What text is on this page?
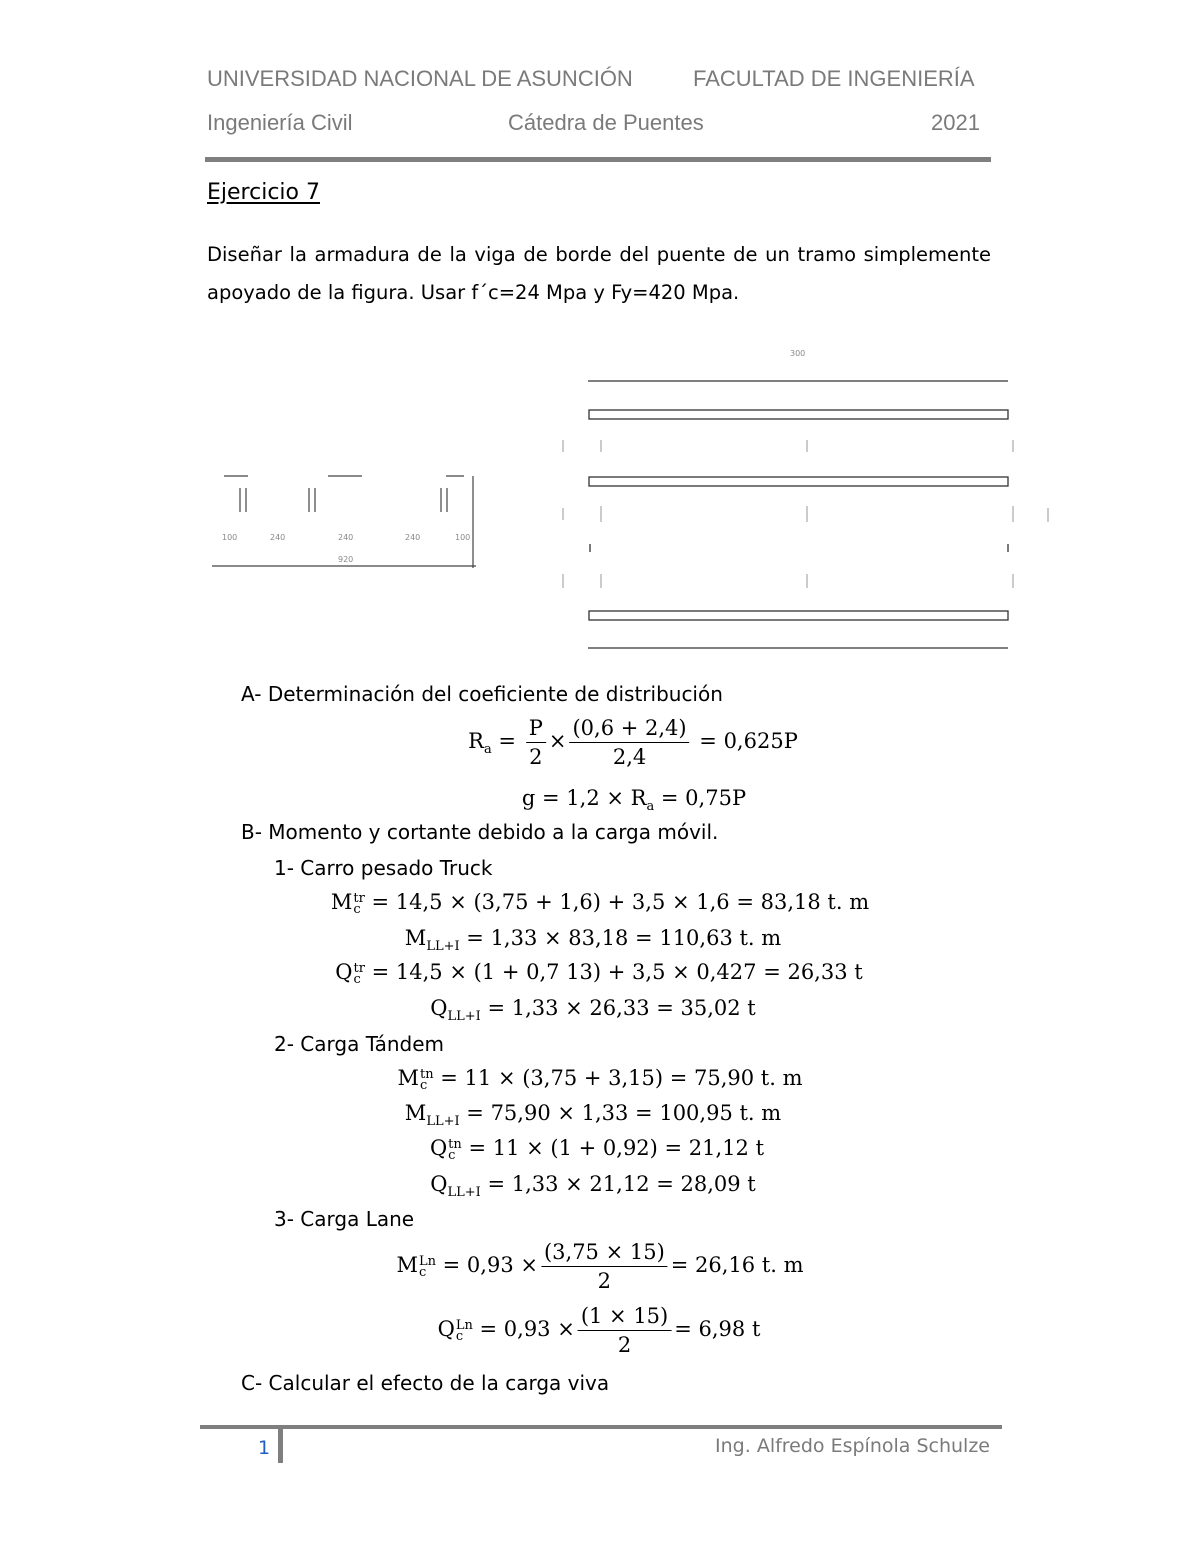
UNIVERSIDAD NACIONAL DE ASUNCIÓN	FACULTAD DE INGENIERÍA
Ingeniería Civil	Cátedra de Puentes	2021
Ejercicio 7
Diseñar la armadura de la viga de borde del puente de un tramo simplemente apoyado de la figura. Usar f´c=24 Mpa y Fy=420 Mpa.
100	240	240	240	100
920
300
A- Determinación del coeficiente de distribución
$R_a = \frac{P}{2} \times \frac{(0,6 + 2,4)}{2,4} = 0,625P$
$g = 1,2 \times R_a = 0,75P$
B- Momento y cortante debido a la carga móvil.
1- Carro pesado Truck
M tr
c = 14,5 × (3,75 + 1,6) + 3,5 × 1,6 = 83,18 t. m
$M_{LL+I} = 1,33 \times 83,18 = 110,63$ t. m
Q tr
c = 14,5 × (1 + 0,7 13) + 3,5 × 0,427 = 26,33 t
$Q_{LL+I} = 1,33 \times 26,33 = 35,02$ t
2- Carga Tándem
M tn
c = 11 × (3,75 + 3,15) = 75,90 t. m
$M_{LL+I} = 75,90 \times 1,33 = 100,95$ t. m
Q tn
c = 11 × (1 + 0,92) = 21,12 t
$Q_{LL+I} = 1,33 \times 21,12 = 28,09$ t
3- Carga Lane
M Ln
$c = 0,93 \times \frac{(3,75 \times 15)}{2} = 26,16$ t. m
Q Ln
$c = 0,93 \times \frac{(1 \times 15)}{2} = 6,98$ t
C- Calcular el efecto de la carga viva
1	Ing. Alfredo Espínola Schulze
